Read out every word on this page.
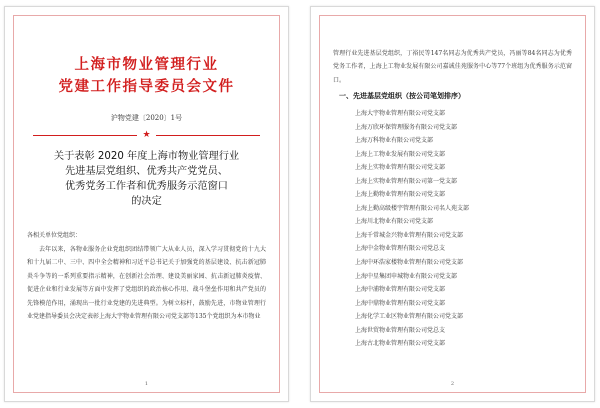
上海市物业管理行业
党建工作指导委员会文件
沪物党建〔2020〕1号
★
关于表彰 2020 年度上海市物业管理行业
先进基层党组织、优秀共产党党员、
优秀党务工作者和优秀服务示范窗口
的决定
各相关单位党组织：
去年以来，各物业服务企业党组织团结带领广大从业人员，深入学习贯彻党的十九大和十九届二中、三中、四中全会精神和习近平总书记关于加强党的基层建设、抗击新冠肺炎斗争等的一系列重要指示精神，在创新社会治理、建设美丽家园、抗击新冠肺炎疫情、促进企业和行业发展等方面中发挥了党组织的政治核心作用、战斗堡垒作用和共产党员的先锋模范作用，涌现出一批行业党建的先进典型。为树立标杆，鼓励先进，市物业管理行业党建指导委员会决定表彰上海大宇物业管理有限公司党支部等135个党组织为本市物业
1
管理行业先进基层党组织，丁裕民等147名同志为优秀共产党员，冯丽等84名同志为优秀党务工作者，上海上工物业发展有限公司嘉诚佳苑服务中心等77个班组为优秀服务示范窗口。
一、先进基层党组织（按公司笔划排序）
上海大宇物业管理有限公司党支部
上海万欣环保管理服务有限公司党支部
上海万科物业有限公司党支部
上海上工物业发展有限公司党支部
上海上实物业管理有限公司党支部
上海上实物业管理有限公司第一党支部
上海上勤物业管理有限公司党支部
上海上勤高级楼宇管理有限公司名人苑支部
上海川北物业有限公司党支部
上海千常城金兴物业管理有限公司党支部
上海中金物业管理有限公司党总支
上海中环浩家楼物业管理有限公司党支部
上海中星集团申城物业有限公司党支部
上海中浦物业管理有限公司党支部
上海中鼎物业管理有限公司党支部
上海化学工业区物业管理有限公司党支部
上海世贸物业管理有限公司党总支
上海古北物业管理有限公司党支部
2
